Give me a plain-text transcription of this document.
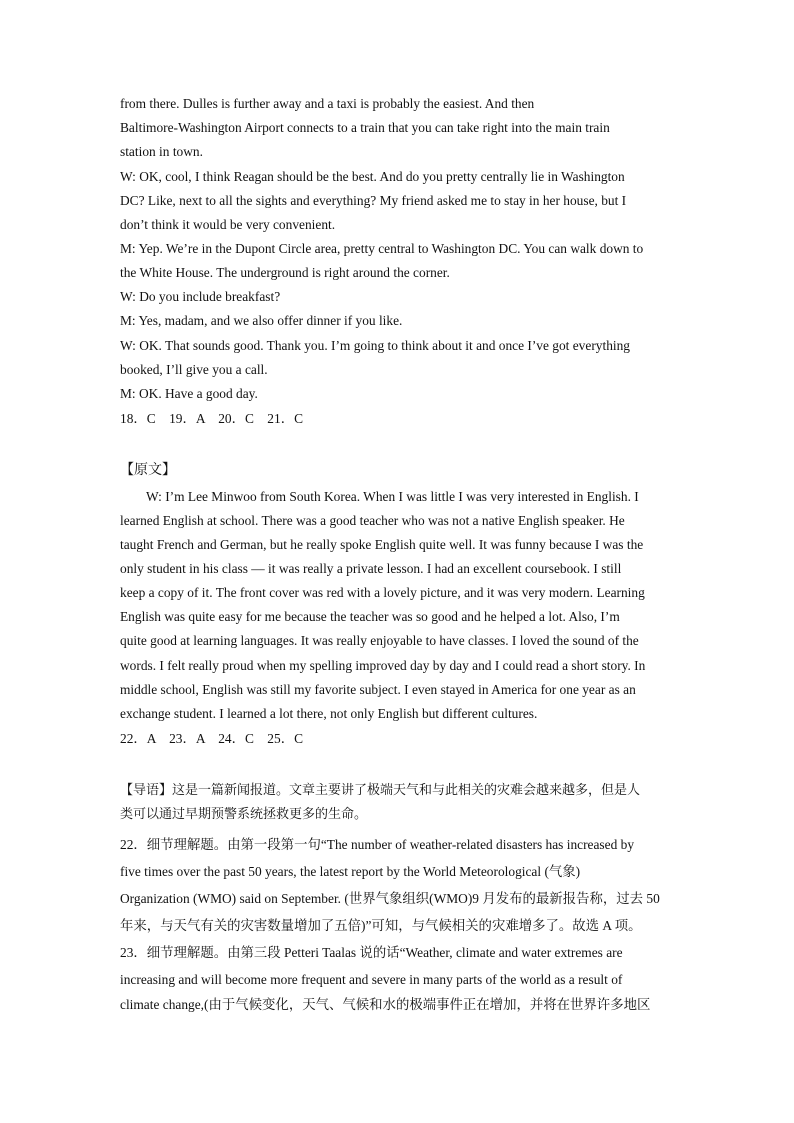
from there. Dulles is further away and a taxi is probably the easiest. And then
Baltimore-Washington Airport connects to a train that you can take right into the main train
station in town.
W: OK, cool, I think Reagan should be the best. And do you pretty centrally lie in Washington
DC? Like, next to all the sights and everything? My friend asked me to stay in her house, but I
don’t think it would be very convenient.
M: Yep. We’re in the Dupont Circle area, pretty central to Washington DC. You can walk down to
the White House. The underground is right around the corner.
W: Do you include breakfast?
M: Yes, madam, and we also offer dinner if you like.
W: OK. That sounds good. Thank you. I’m going to think about it and once I’ve got everything
booked, I’ll give you a call.
M: OK. Have a good day.
18．C　19．A　20．C　21．C
【原文】
W: I’m Lee Minwoo from South Korea. When I was little I was very interested in English. I
learned English at school. There was a good teacher who was not a native English speaker. He
taught French and German, but he really spoke English quite well. It was funny because I was the
only student in his class — it was really a private lesson. I had an excellent coursebook. I still
keep a copy of it. The front cover was red with a lovely picture, and it was very modern. Learning
English was quite easy for me because the teacher was so good and he helped a lot. Also, I’m
quite good at learning languages. It was really enjoyable to have classes. I loved the sound of the
words. I felt really proud when my spelling improved day by day and I could read a short story. In
middle school, English was still my favorite subject. I even stayed in America for one year as an
exchange student. I learned a lot there, not only English but different cultures.
22．A　23．A　24．C　25．C
【导语】这是一篇新闻报道。文章主要讲了极端天气和与此相关的灾难会越来越多，但是人
类可以通过早期预警系统拯救更多的生命。
22．细节理解题。由第一段第一句“The number of weather-related disasters has increased by
five times over the past 50 years, the latest report by the World Meteorological (气象)
Organization (WMO) said on September. (世界气象组织(WMO)9 月发布的最新报告称，过去 50
年来，与天气有关的灾害数量增加了五倍)”可知，与气候相关的灾难增多了。故选 A 项。
23．细节理解题。由第三段 Petteri Taalas 说的话“Weather, climate and water extremes are
increasing and will become more frequent and severe in many parts of the world as a result of
climate change,(由于气候变化，天气、气候和水的极端事件正在增加，并将在世界许多地区
